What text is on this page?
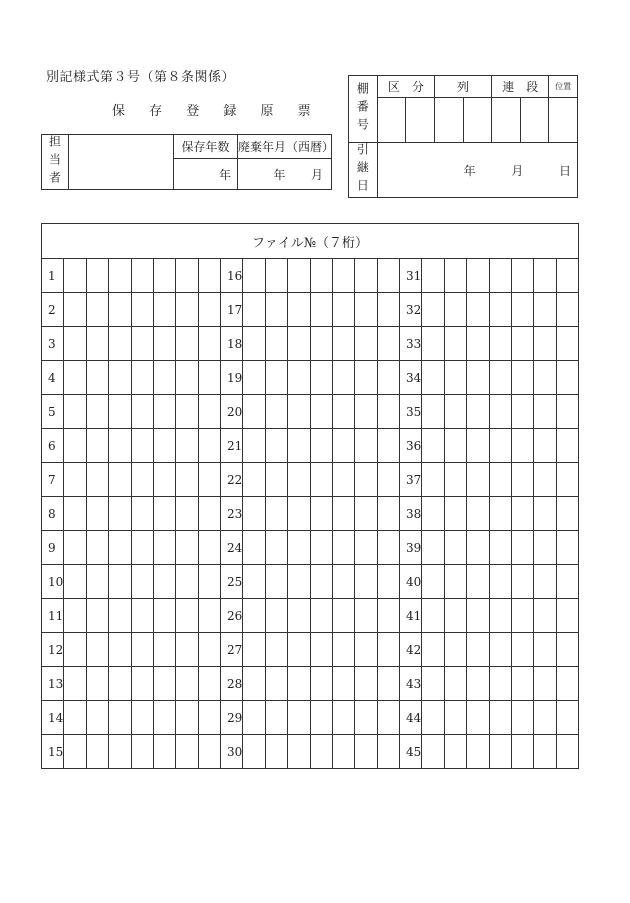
別記様式第３号（第８条関係）
保 存 登 録 原 票
担当者		保存年数	廃棄年月（西暦）
		年	年 月
棚番号	区　分		列		連　段		位置

引継日	年 月 日						
ファイル№（７桁）																							
1								16								31							
2								17								32							
3								18								33							
4								19								34							
5								20								35							
6								21								36							
7								22								37							
8								23								38							
9								24								39							
10								25								40							
11								26								41							
12								27								42							
13								28								43							
14								29								44							
15								30								45							
